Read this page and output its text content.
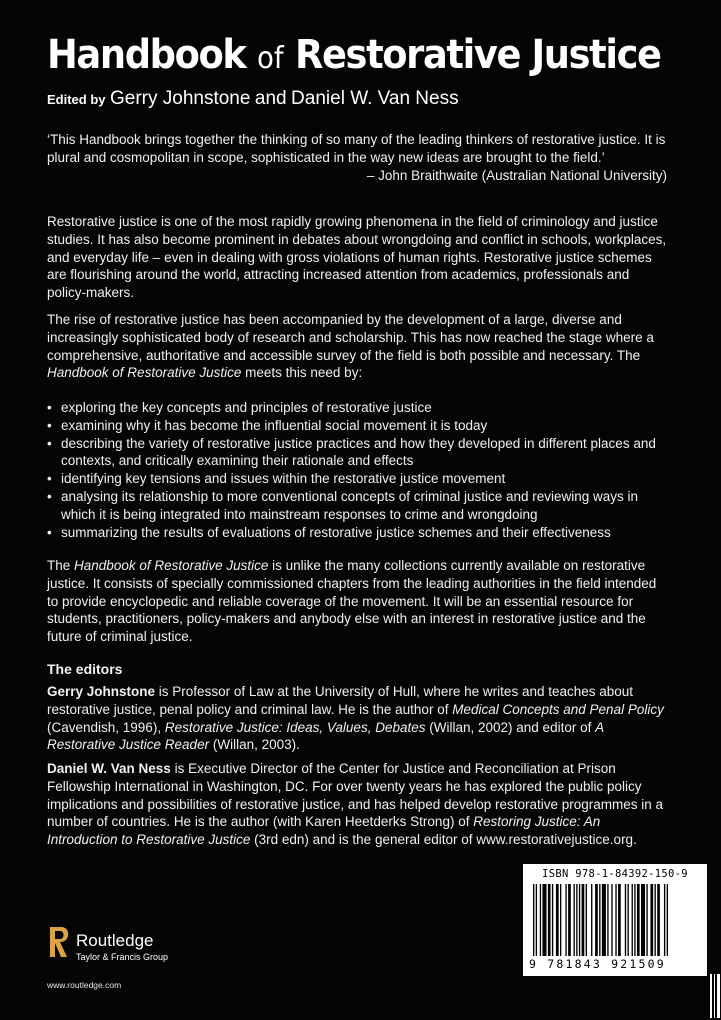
Handbook of Restorative Justice
Edited by Gerry Johnstone and Daniel W. Van Ness

‘This Handbook brings together the thinking of so many of the leading thinkers of restorative justice. It is plural and cosmopolitan in scope, sophisticated in the way new ideas are brought to the field.’

– John Braithwaite (Australian National University)

Restorative justice is one of the most rapidly growing phenomena in the field of criminology and justice studies. It has also become prominent in debates about wrongdoing and conflict in schools, workplaces, and everyday life – even in dealing with gross violations of human rights. Restorative justice schemes are flourishing around the world, attracting increased attention from academics, professionals and policy-makers.

The rise of restorative justice has been accompanied by the development of a large, diverse and increasingly sophisticated body of research and scholarship. This has now reached the stage where a comprehensive, authoritative and accessible survey of the field is both possible and necessary. The Handbook of Restorative Justice meets this need by:

• exploring the key concepts and principles of restorative justice
• examining why it has become the influential social movement it is today
• describing the variety of restorative justice practices and how they developed in different places and contexts, and critically examining their rationale and effects
• identifying key tensions and issues within the restorative justice movement
• analysing its relationship to more conventional concepts of criminal justice and reviewing ways in which it is being integrated into mainstream responses to crime and wrongdoing
• summarizing the results of evaluations of restorative justice schemes and their effectiveness

The Handbook of Restorative Justice is unlike the many collections currently available on restorative justice. It consists of specially commissioned chapters from the leading authorities in the field intended to provide encyclopedic and reliable coverage of the movement. It will be an essential resource for students, practitioners, policy-makers and anybody else with an interest in restorative justice and the future of criminal justice.

The editors

Gerry Johnstone is Professor of Law at the University of Hull, where he writes and teaches about restorative justice, penal policy and criminal law. He is the author of Medical Concepts and Penal Policy (Cavendish, 1996), Restorative Justice: Ideas, Values, Debates (Willan, 2002) and editor of A Restorative Justice Reader (Willan, 2003).

Daniel W. Van Ness is Executive Director of the Center for Justice and Reconciliation at Prison Fellowship International in Washington, DC. For over twenty years he has explored the public policy implications and possibilities of restorative justice, and has helped develop restorative programmes in a number of countries. He is the author (with Karen Heetderks Strong) of Restoring Justice: An Introduction to Restorative Justice (3rd edn) and is the general editor of www.restorativejustice.org.

ISBN 978-1-84392-150-9
9 781843 921509
Routledge
Taylor & Francis Group
www.routledge.com
